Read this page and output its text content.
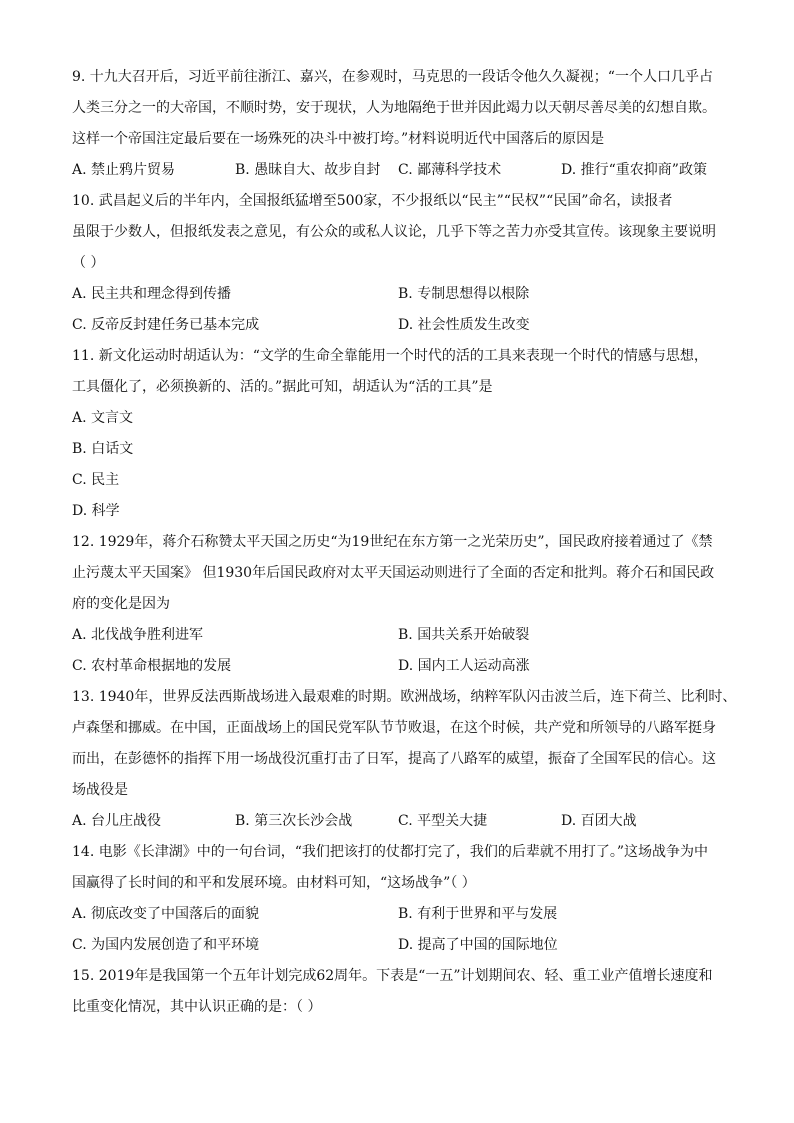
9. 十九大召开后，习近平前往浙江、嘉兴，在参观时，马克思的一段话令他久久凝视；“一个人口几乎占
人类三分之一的大帝国，不顺时势，安于现状，人为地隔绝于世并因此竭力以天朝尽善尽美的幻想自欺。
这样一个帝国注定最后要在一场殊死的决斗中被打垮。”材料说明近代中国落后的原因是
A. 禁止鸦片贸易	B. 愚昧自大、故步自封	C. 鄙薄科学技术	D. 推行“重农抑商”政策
10. 武昌起义后的半年内，全国报纸猛增至500家，不少报纸以“民主”“民权”“民国”命名，读报者
虽限于少数人，但报纸发表之意见，有公众的或私人议论，几乎下等之苦力亦受其宣传。该现象主要说明
（ ）
A. 民主共和理念得到传播	B. 专制思想得以根除
C. 反帝反封建任务已基本完成	D. 社会性质发生改变
11. 新文化运动时胡适认为：“文学的生命全靠能用一个时代的活的工具来表现一个时代的情感与思想，
工具僵化了，必须换新的、活的。”据此可知，胡适认为“活的工具”是
A. 文言文
B. 白话文
C. 民主
D. 科学
12. 1929年，蒋介石称赞太平天国之历史“为19世纪在东方第一之光荣历史”，国民政府接着通过了《禁
止污蔑太平天国案》 但1930年后国民政府对太平天国运动则进行了全面的否定和批判。蒋介石和国民政
府的变化是因为
A. 北伐战争胜利进军	B. 国共关系开始破裂
C. 农村革命根据地的发展	D. 国内工人运动高涨
13. 1940年，世界反法西斯战场进入最艰难的时期。欧洲战场，纳粹军队闪击波兰后，连下荷兰、比利时、
卢森堡和挪威。在中国，正面战场上的国民党军队节节败退，在这个时候，共产党和所领导的八路军挺身
而出，在彭德怀的指挥下用一场战役沉重打击了日军，提高了八路军的威望，振奋了全国军民的信心。这
场战役是
A. 台儿庄战役	B. 第三次长沙会战	C. 平型关大捷	D. 百团大战
14. 电影《长津湖》中的一句台词，“我们把该打的仗都打完了，我们的后辈就不用打了。”这场战争为中
国赢得了长时间的和平和发展环境。由材料可知，“这场战争”（ ）
A. 彻底改变了中国落后的面貌	B. 有利于世界和平与发展
C. 为国内发展创造了和平环境	D. 提高了中国的国际地位
15. 2019年是我国第一个五年计划完成62周年。下表是“一五”计划期间农、轻、重工业产值增长速度和
比重变化情况，其中认识正确的是：（ ）
